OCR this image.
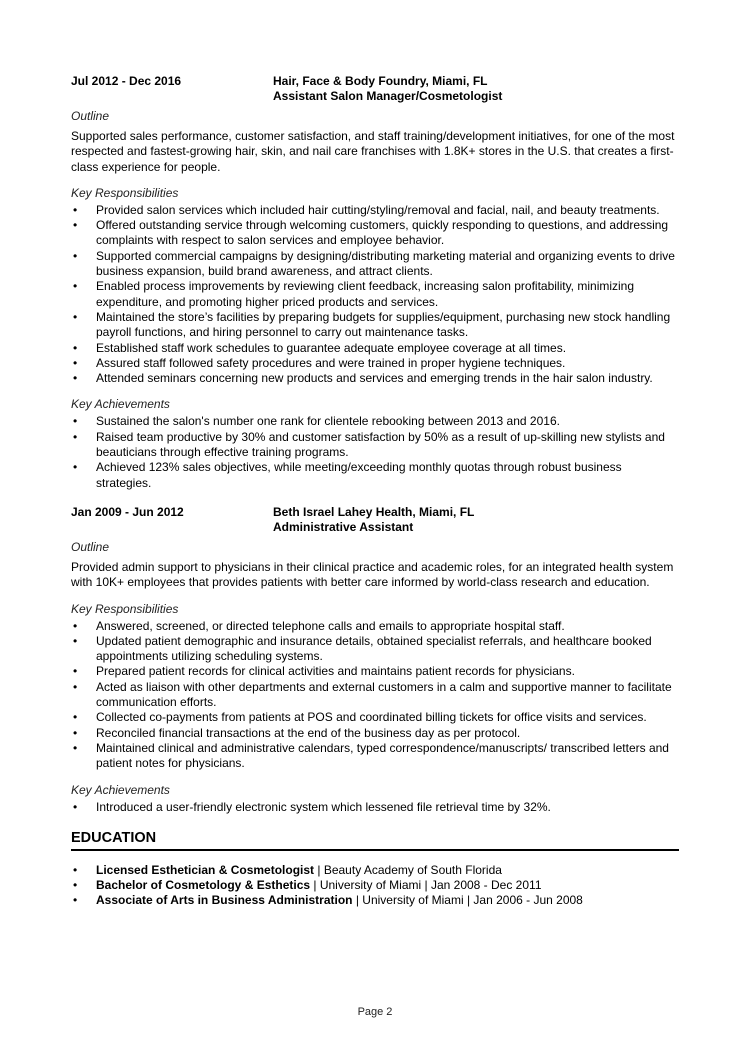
Jul 2012 - Dec 2016	Hair, Face & Body Foundry, Miami, FL
Assistant Salon Manager/Cosmetologist
Outline
Supported sales performance, customer satisfaction, and staff training/development initiatives, for one of the most respected and fastest-growing hair, skin, and nail care franchises with 1.8K+ stores in the U.S. that creates a first-class experience for people.
Key Responsibilities
• Provided salon services which included hair cutting/styling/removal and facial, nail, and beauty treatments.
• Offered outstanding service through welcoming customers, quickly responding to questions, and addressing complaints with respect to salon services and employee behavior.
• Supported commercial campaigns by designing/distributing marketing material and organizing events to drive business expansion, build brand awareness, and attract clients.
• Enabled process improvements by reviewing client feedback, increasing salon profitability, minimizing expenditure, and promoting higher priced products and services.
• Maintained the store’s facilities by preparing budgets for supplies/equipment, purchasing new stock handling payroll functions, and hiring personnel to carry out maintenance tasks.
• Established staff work schedules to guarantee adequate employee coverage at all times.
• Assured staff followed safety procedures and were trained in proper hygiene techniques.
• Attended seminars concerning new products and services and emerging trends in the hair salon industry.
Key Achievements
• Sustained the salon's number one rank for clientele rebooking between 2013 and 2016.
• Raised team productive by 30% and customer satisfaction by 50% as a result of up-skilling new stylists and beauticians through effective training programs.
• Achieved 123% sales objectives, while meeting/exceeding monthly quotas through robust business strategies.
Jan 2009 - Jun 2012	Beth Israel Lahey Health, Miami, FL
Administrative Assistant
Outline
Provided admin support to physicians in their clinical practice and academic roles, for an integrated health system with 10K+ employees that provides patients with better care informed by world-class research and education.
Key Responsibilities
• Answered, screened, or directed telephone calls and emails to appropriate hospital staff.
• Updated patient demographic and insurance details, obtained specialist referrals, and healthcare booked appointments utilizing scheduling systems.
• Prepared patient records for clinical activities and maintains patient records for physicians.
• Acted as liaison with other departments and external customers in a calm and supportive manner to facilitate communication efforts.
• Collected co-payments from patients at POS and coordinated billing tickets for office visits and services.
• Reconciled financial transactions at the end of the business day as per protocol.
• Maintained clinical and administrative calendars, typed correspondence/manuscripts/ transcribed letters and patient notes for physicians.
Key Achievements
• Introduced a user-friendly electronic system which lessened file retrieval time by 32%.
EDUCATION
• Licensed Esthetician & Cosmetologist | Beauty Academy of South Florida
• Bachelor of Cosmetology & Esthetics | University of Miami | Jan 2008 - Dec 2011
• Associate of Arts in Business Administration | University of Miami | Jan 2006 - Jun 2008
Page 2
